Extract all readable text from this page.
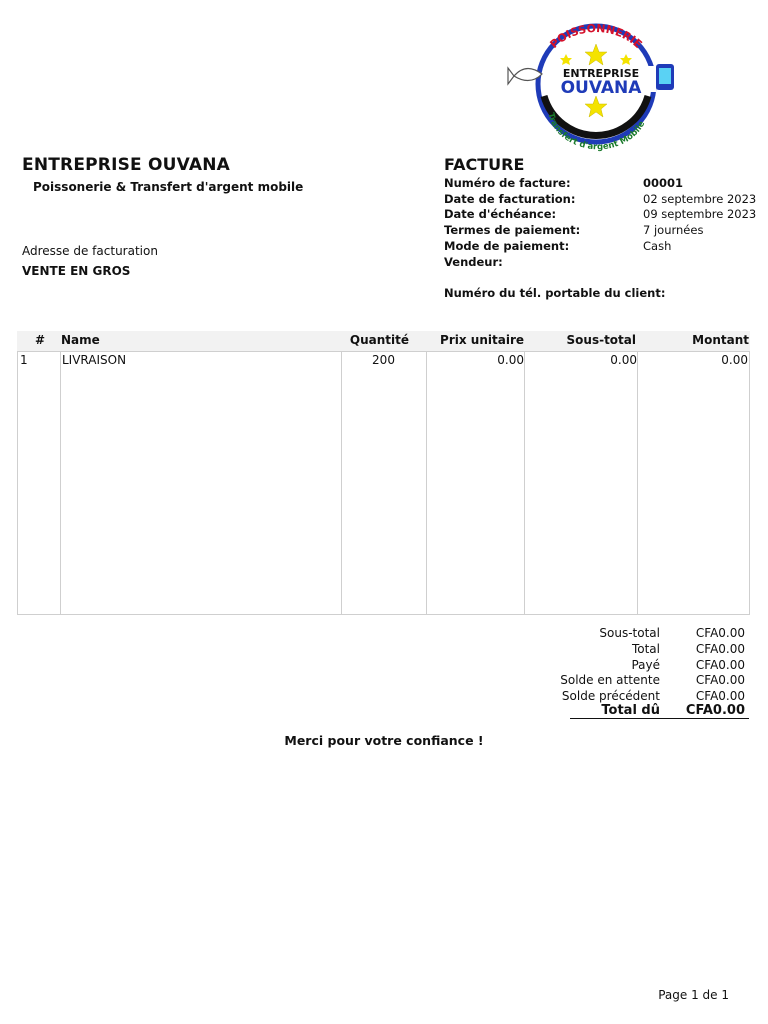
POISSONNERIE
ENTREPRISE
OUVANA
Transfert d'argent Mobile
ENTREPRISE OUVANA
Poissonerie & Transfert d'argent mobile
Adresse de facturation
VENTE EN GROS
FACTURE
Numéro de facture:	00001
Date de facturation:	02 septembre 2023
Date d'échéance:	09 septembre 2023
Termes de paiement:	7 journées
Mode de paiement:	Cash
Vendeur:
Numéro du tél. portable du client:
# Name	Quantité	Prix unitaire	Sous-total	Montant
1	LIVRAISON	200	0.00	0.00	0.00
Sous-total	CFA0.00
Total	CFA0.00
Payé	CFA0.00
Solde en attente	CFA0.00
Solde précédent	CFA0.00
Total dû CFA0.00
Merci pour votre confiance !
Page 1 de 1
